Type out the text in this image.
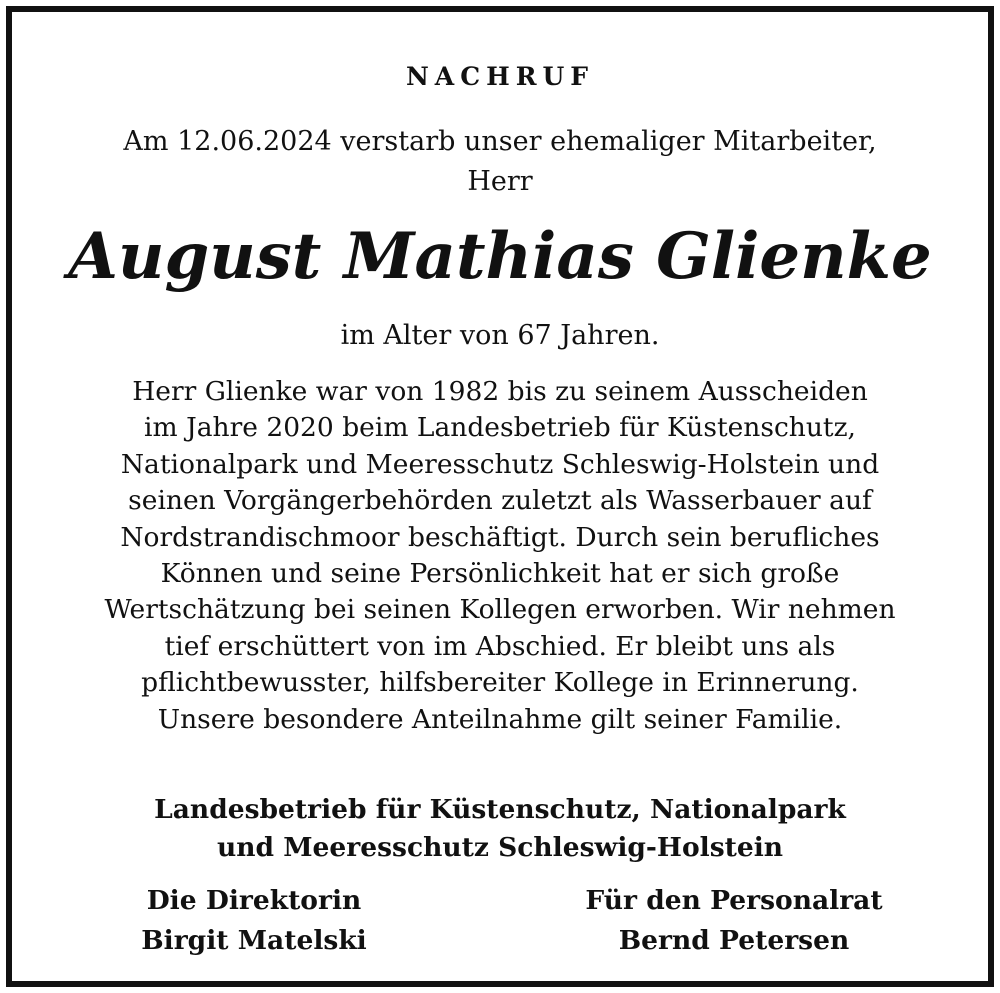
NACHRUF
Am 12.06.2024 verstarb unser ehemaliger Mitarbeiter,
Herr
August Mathias Glienke
im Alter von 67 Jahren.
Herr Glienke war von 1982 bis zu seinem Ausscheiden
im Jahre 2020 beim Landesbetrieb für Küstenschutz,
Nationalpark und Meeresschutz Schleswig-Holstein und
seinen Vorgängerbehörden zuletzt als Wasserbauer auf
Nordstrandischmoor beschäftigt. Durch sein berufliches
Können und seine Persönlichkeit hat er sich große
Wertschätzung bei seinen Kollegen erworben. Wir nehmen
tief erschüttert von im Abschied. Er bleibt uns als
pflichtbewusster, hilfsbereiter Kollege in Erinnerung.
Unsere besondere Anteilnahme gilt seiner Familie.
Landesbetrieb für Küstenschutz, Nationalpark
und Meeresschutz Schleswig-Holstein
Die Direktorin
Birgit Matelski
Für den Personalrat
Bernd Petersen
